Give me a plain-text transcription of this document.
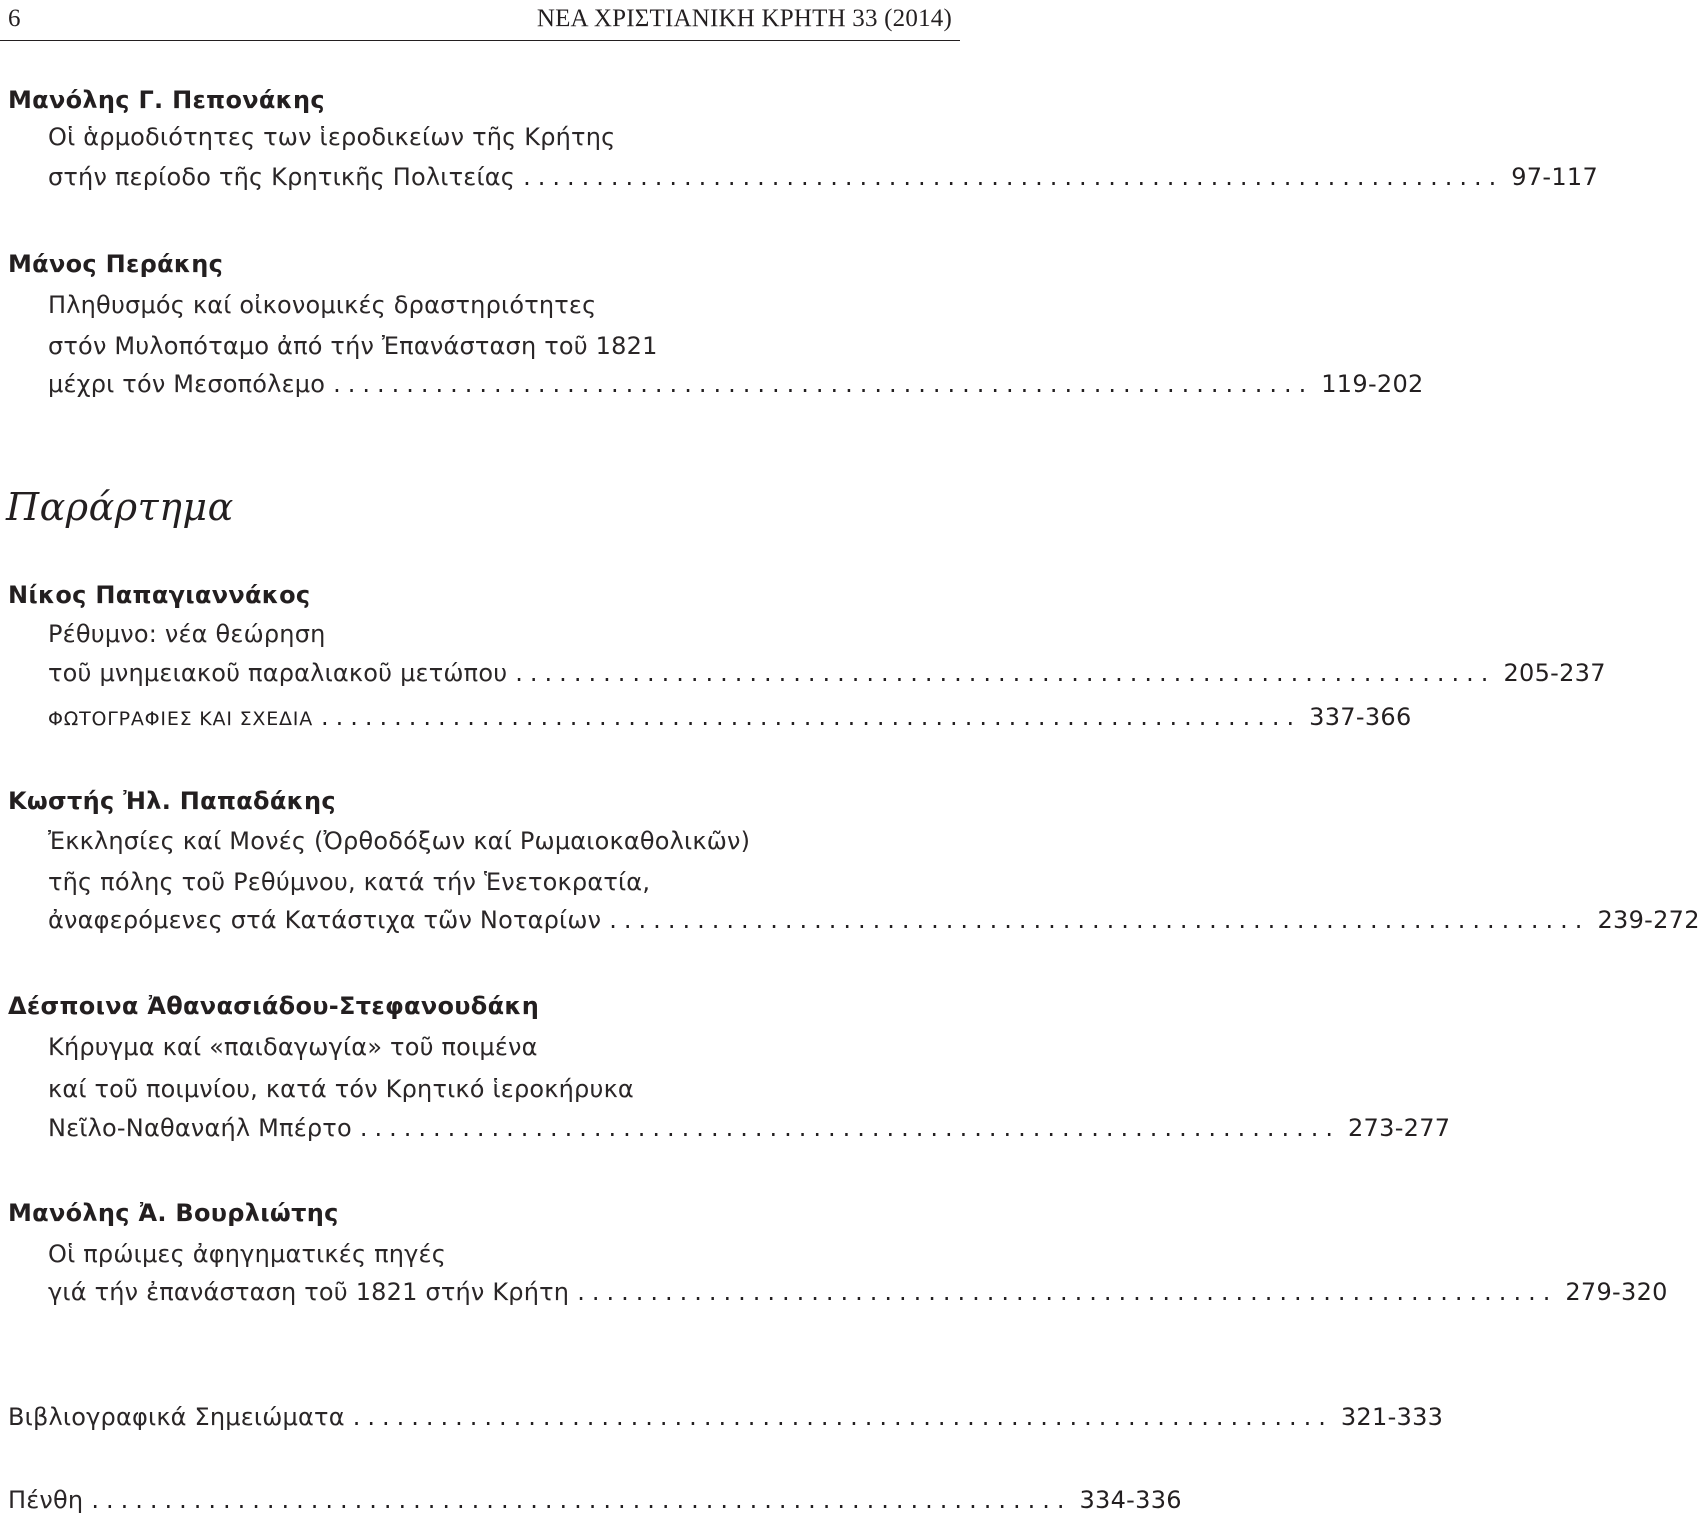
6	ΝΕΑ ΧΡΙΣΤΙΑΝΙΚΗ ΚΡΗΤΗ 33 (2014)
Μανόλης Γ. Πεπονάκης
Οἱ ἁρμοδιότητες των ἱεροδικείων τῆς Κρήτης
στήν περίοδο τῆς Κρητικῆς Πολιτείας ................................................................... 97-117
Μάνος Περάκης
Πληθυσμός καί οἰκονομικές δραστηριότητες
στόν Μυλοπόταμο ἀπό τήν Ἐπανάσταση τοῦ 1821
μέχρι τόν Μεσοπόλεμο ................................................................... 119-202
Παράρτημα
Νίκος Παπαγιαννάκος
Ρέθυμνο: νέα θεώρηση
τοῦ μνημειακοῦ παραλιακοῦ μετώπου ................................................................... 205-237
ΦΩΤΟΓΡΑΦΙΕΣ ΚΑΙ ΣΧΕΔΙΑ ................................................................... 337-366
Κωστής Ἠλ. Παπαδάκης
Ἐκκλησίες καί Μονές (Ὀρθοδόξων καί Ρωμαιοκαθολικῶν)
τῆς πόλης τοῦ Ρεθύμνου, κατά τήν Ἑνετοκρατία,
ἀναφερόμενες στά Κατάστιχα τῶν Νοταρίων ................................................................... 239-272
Δέσποινα Ἀθανασιάδου-Στεφανουδάκη
Κήρυγμα καί «παιδαγωγία» τοῦ ποιμένα
καί τοῦ ποιμνίου, κατά τόν Κρητικό ἱεροκήρυκα
Νεῖλο-Ναθαναήλ Μπέρτο ................................................................... 273-277
Μανόλης Ἀ. Βουρλιώτης
Οἱ πρώιμες ἀφηγηματικές πηγές
γιά τήν ἐπανάσταση τοῦ 1821 στήν Κρήτη ................................................................... 279-320
Βιβλιογραφικά Σημειώματα ................................................................... 321-333
Πένθη ................................................................... 334-336
